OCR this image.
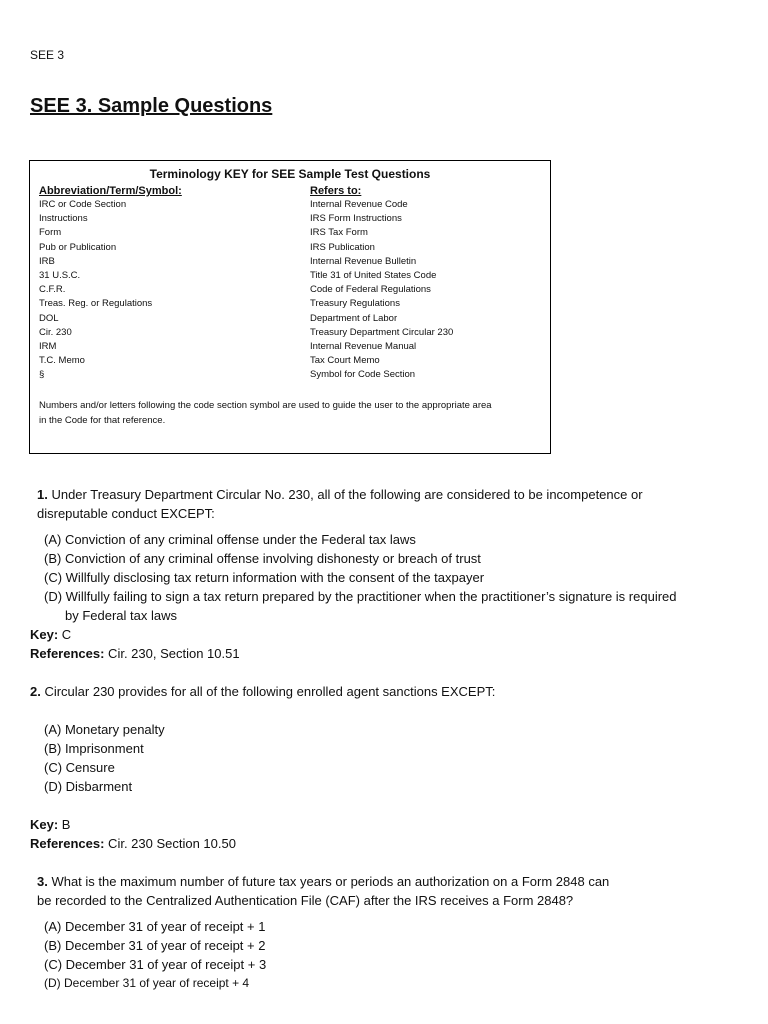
SEE 3
SEE 3. Sample Questions
Terminology KEY for SEE Sample Test Questions
Abbreviation/Term/Symbol:	Refers to:
IRC or Code Section	Internal Revenue Code
Instructions	IRS Form Instructions
Form	IRS Tax Form
Pub or Publication	IRS Publication
IRB	Internal Revenue Bulletin
31 U.S.C.	Title 31 of United States Code
C.F.R.	Code of Federal Regulations
Treas. Reg. or Regulations	Treasury Regulations
DOL	Department of Labor
Cir. 230	Treasury Department Circular 230
IRM	Internal Revenue Manual
T.C. Memo	Tax Court Memo
§	Symbol for Code Section
Numbers and/or letters following the code section symbol are used to guide the user to the appropriate area
in the Code for that reference.
1. Under Treasury Department Circular No. 230, all of the following are considered to be incompetence or
disreputable conduct EXCEPT:
(A) Conviction of any criminal offense under the Federal tax laws
(B) Conviction of any criminal offense involving dishonesty or breach of trust
(C) Willfully disclosing tax return information with the consent of the taxpayer
(D) Willfully failing to sign a tax return prepared by the practitioner when the practitioner’s signature is required
by Federal tax laws
Key: C
References: Cir. 230, Section 10.51
2. Circular 230 provides for all of the following enrolled agent sanctions EXCEPT:
(A) Monetary penalty
(B) Imprisonment
(C) Censure
(D) Disbarment
Key: B
References: Cir. 230 Section 10.50
3. What is the maximum number of future tax years or periods an authorization on a Form 2848 can
be recorded to the Centralized Authentication File (CAF) after the IRS receives a Form 2848?
(A) December 31 of year of receipt + 1
(B) December 31 of year of receipt + 2
(C) December 31 of year of receipt + 3
(D) December 31 of year of receipt + 4
